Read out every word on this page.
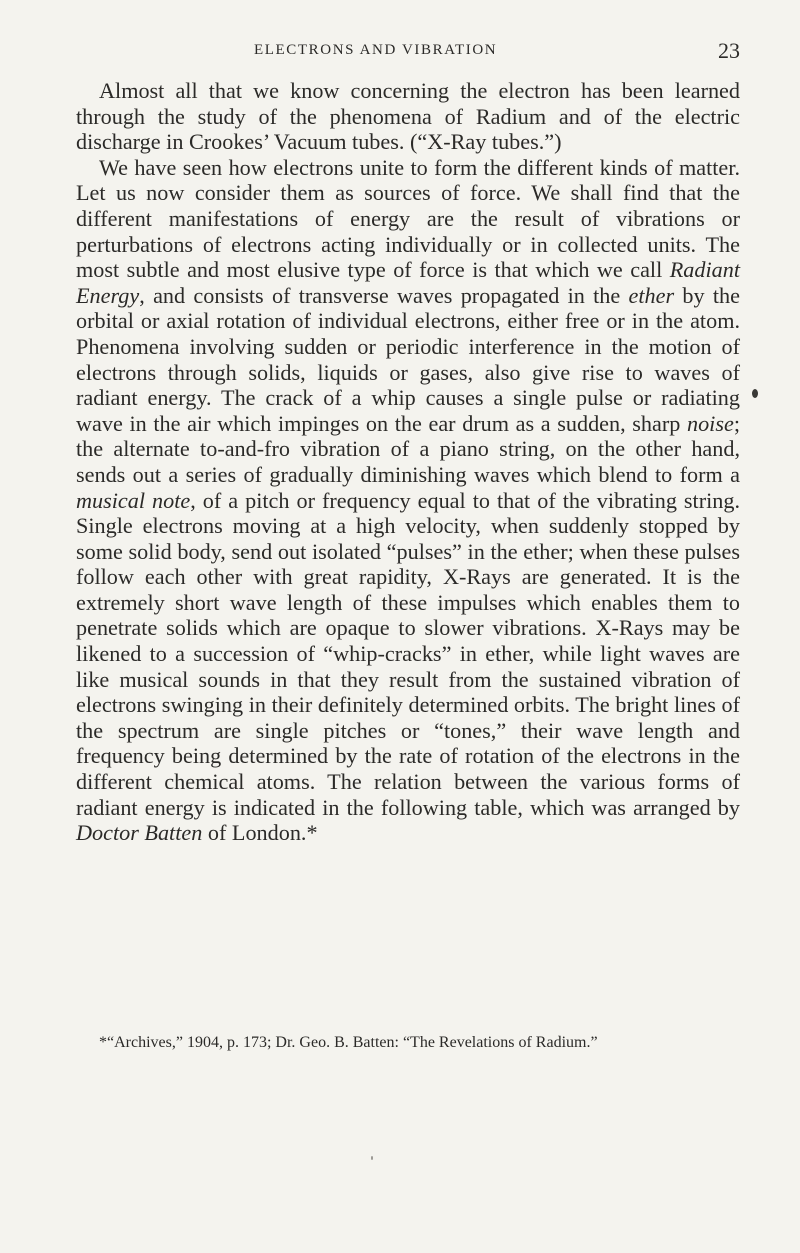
ELECTRONS AND VIBRATION	23

Almost all that we know concerning the electron has been learned through the study of the phenomena of Radium and of the electric discharge in Crookes’ Vacuum tubes. (“X-Ray tubes.”)

We have seen how electrons unite to form the different kinds of matter. Let us now consider them as sources of force. We shall find that the different manifestations of energy are the result of vibrations or perturbations of electrons acting individually or in collected units. The most subtle and most elusive type of force is that which we call Radiant Energy, and consists of transverse waves propagated in the ether by the orbital or axial rotation of individual electrons, either free or in the atom. Phenomena involving sudden or periodic interference in the motion of electrons through solids, liquids or gases, also give rise to waves of radiant energy. The crack of a whip causes a single pulse or radiating wave in the air which impinges on the ear drum as a sudden, sharp noise; the alternate to-and-fro vibration of a piano string, on the other hand, sends out a series of gradually diminishing waves which blend to form a musical note, of a pitch or frequency equal to that of the vibrating string. Single electrons moving at a high velocity, when suddenly stopped by some solid body, send out isolated “pulses” in the ether; when these pulses follow each other with great rapidity, X-Rays are generated. It is the extremely short wave length of these impulses which enables them to penetrate solids which are opaque to slower vibrations. X-Rays may be likened to a succession of “whip-cracks” in ether, while light waves are like musical sounds in that they result from the sustained vibration of electrons swinging in their definitely determined orbits. The bright lines of the spectrum are single pitches or “tones,” their wave length and frequency being determined by the rate of rotation of the electrons in the different chemical atoms. The relation between the various forms of radiant energy is indicated in the following table, which was arranged by Doctor Batten of London.*

*“Archives,” 1904, p. 173; Dr. Geo. B. Batten: “The Revelations of Radium.”
